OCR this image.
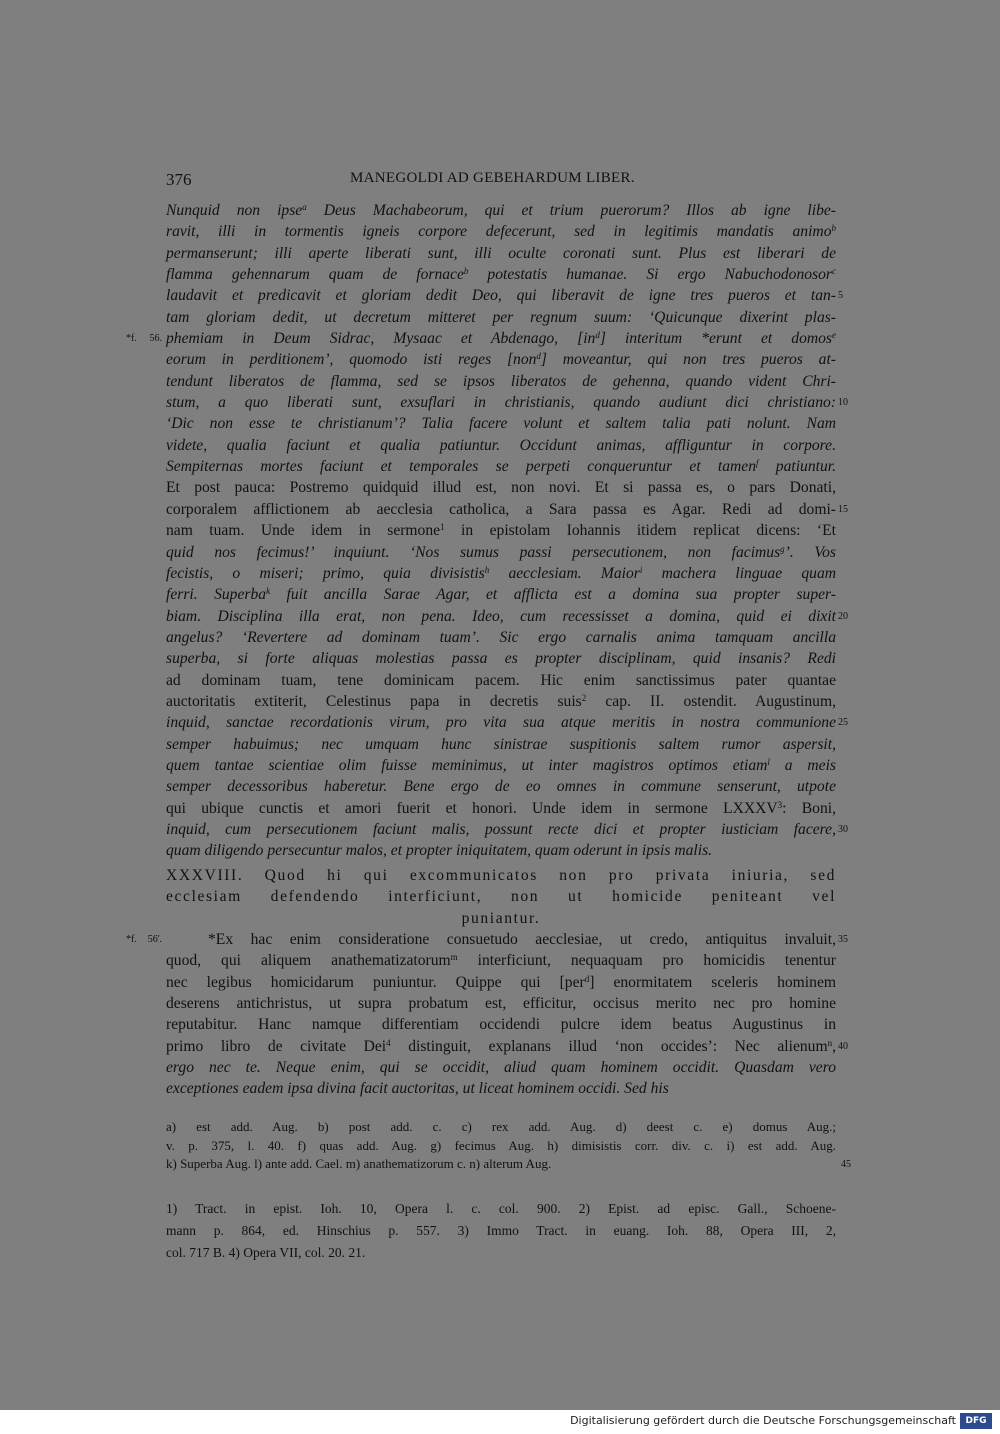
376	MANEGOLDI AD GEBEHARDUM LIBER.
Nunquid non ipse$^a$ Deus Machabeorum, qui et trium puerorum? Illos ab igne libe-
ravit, illi in tormentis igneis corpore defecerunt, sed in legitimis mandatis animo$^b$
permanserunt; illi aperte liberati sunt, illi oculte coronati sunt. Plus est liberari de
flamma gehennarum quam de fornace$^b$ potestatis humanae. Si ergo Nabuchodonosor$^c$
laudavit et predicavit et gloriam dedit Deo, qui liberavit de igne tres pueros et tan- 5
tam gloriam dedit, ut decretum mitteret per regnum suum: ‘Quicunque dixerint plas-
phemiam in Deum Sidrac, Mysaac et Abdenago, $[in^d]$ interitum *erunt et domos$^e$
*f. 56.
eorum in perditionem’, quomodo isti reges [non$^d$] moveantur, qui non tres pueros at-
tendunt liberatos de flamma, sed se ipsos liberatos de gehenna, quando vident Chri-
stum, a quo liberati sunt, exsuflari in christianis, quando audiunt dici christiano: 10
‘Dic non esse te christianum’? Talia facere volunt et saltem talia pati nolunt. Nam
videte, qualia faciunt et qualia patiuntur. Occidunt animas, affliguntur in corpore.
Sempiternas mortes faciunt et temporales se perpeti conqueruntur et tamen$^f$ patiuntur.
Et post pauca: Postremo quidquid illud est, non novi. Et si passa es, o pars Donati,
corporalem afflictionem ab aecclesia catholica, a Sara passa es Agar. Redi ad domi- 15
nam tuam. Unde idem in sermone$^1$ in epistolam Iohannis itidem replicat dicens: ‘Et
quid nos fecimus!’ inquiunt. ‘Nos sumus passi persecutionem, non facimus$^g$’. Vos
fecistis, o miseri; primo, quia divisistis$^h$ aecclesiam. Maior$^i$ machera linguae quam
ferri. Superba$^k$ fuit ancilla Sarae Agar, et afflicta est a domina sua propter super-
biam. Disciplina illa erat, non pena. Ideo, cum recessisset a domina, quid ei dixit 20
angelus? ‘Revertere ad dominam tuam’. Sic ergo carnalis anima tamquam ancilla
superba, si forte aliquas molestias passa es propter disciplinam, quid insanis? Redi
ad dominam tuam, tene dominicam pacem. Hic enim sanctissimus pater quantae
auctoritatis extiterit, Celestinus papa in decretis suis$^2$ cap. II. ostendit. Augustinum,
inquid, sanctae recordationis virum, pro vita sua atque meritis in nostra communione 25
semper habuimus; nec umquam hunc sinistrae suspitionis saltem rumor aspersit,
quem tantae scientiae olim fuisse meminimus, ut inter magistros optimos etiam$^l$ a meis
semper decessoribus haberetur. Bene ergo de eo omnes in commune senserunt, utpote
qui ubique cunctis et amori fuerit et honori. Unde idem in sermone LXXXV$^3$: Boni,
inquid, cum persecutionem faciunt malis, possunt recte dici et propter iusticiam facere, 30
quam diligendo persecuntur malos, et propter iniquitatem, quam oderunt in ipsis malis.
XXXVIII. Quod hi qui excommunicatos non pro privata iniuria, sed
ecclesiam defendendo interficiunt, non ut homicide peniteant vel
puniantur.
*Ex hac enim consideratione consuetudo aecclesiae, ut credo, antiquitus invaluit, 35
*f. 56'.
quod, qui aliquem anathematizatorum$^m$ interficiunt, nequaquam pro homicidis tenentur
nec legibus homicidarum puniuntur. Quippe qui [per$^d$] enormitatem sceleris hominem
deserens antichristus, ut supra probatum est, efficitur, occisus merito nec pro homine
reputabitur. Hanc namque differentiam occidendi pulcre idem beatus Augustinus in
primo libro de civitate Dei$^4$ distinguit, explanans illud ‘non occides’: Nec alienum$^n$, 40
ergo nec te. Neque enim, qui se occidit, aliud quam hominem occidit. Quasdam vero
exceptiones eadem ipsa divina facit auctoritas, ut liceat hominem occidi. Sed his
a) est add. Aug. b) post add. c. c) rex add. Aug. d) deest c. e) domus Aug.;
v. p. 375, l. 40. f) quas add. Aug. g) fecimus Aug. h) dimisistis corr. div. c. i) est add. Aug.
k) Superba Aug. l) ante add. Cael. m) anathematizorum c. n) alterum Aug.	45
1) Tract. in epist. Ioh. 10, Opera l. c. col. 900. 2) Epist. ad episc. Gall., Schoene-
mann p. 864, ed. Hinschius p. 557. 3) Immo Tract. in euang. Ioh. 88, Opera III, 2,
col. 717 B. 4) Opera VII, col. 20. 21.
Digitalisierung gefördert durch die Deutsche Forschungsgemeinschaft	DFG
